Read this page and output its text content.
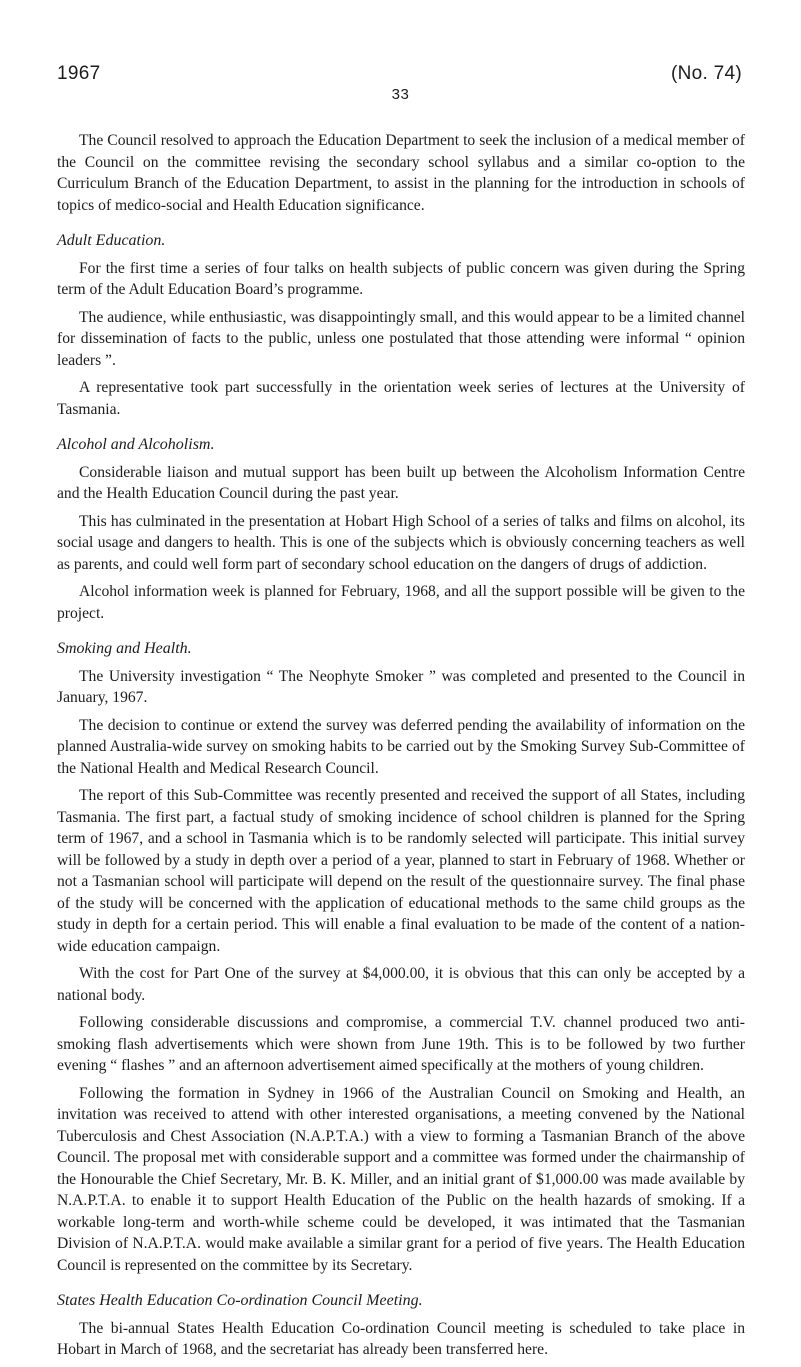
1967	(No. 74)
33

The Council resolved to approach the Education Department to seek the inclusion of a medical member of the Council on the committee revising the secondary school syllabus and a similar co-option to the Curriculum Branch of the Education Department, to assist in the planning for the introduction in schools of topics of medico-social and Health Education significance.

Adult Education.

For the first time a series of four talks on health subjects of public concern was given during the Spring term of the Adult Education Board’s programme.

The audience, while enthusiastic, was disappointingly small, and this would appear to be a limited channel for dissemination of facts to the public, unless one postulated that those attending were informal “ opinion leaders ”.

A representative took part successfully in the orientation week series of lectures at the University of Tasmania.

Alcohol and Alcoholism.

Considerable liaison and mutual support has been built up between the Alcoholism Information Centre and the Health Education Council during the past year.

This has culminated in the presentation at Hobart High School of a series of talks and films on alcohol, its social usage and dangers to health. This is one of the subjects which is obviously concerning teachers as well as parents, and could well form part of secondary school education on the dangers of drugs of addiction.

Alcohol information week is planned for February, 1968, and all the support possible will be given to the project.

Smoking and Health.

The University investigation “ The Neophyte Smoker ” was completed and presented to the Council in January, 1967.

The decision to continue or extend the survey was deferred pending the availability of information on the planned Australia-wide survey on smoking habits to be carried out by the Smoking Survey Sub-Committee of the National Health and Medical Research Council.

The report of this Sub-Committee was recently presented and received the support of all States, including Tasmania. The first part, a factual study of smoking incidence of school children is planned for the Spring term of 1967, and a school in Tasmania which is to be randomly selected will participate. This initial survey will be followed by a study in depth over a period of a year, planned to start in February of 1968. Whether or not a Tasmanian school will participate will depend on the result of the questionnaire survey. The final phase of the study will be concerned with the application of educational methods to the same child groups as the study in depth for a certain period. This will enable a final evaluation to be made of the content of a nation-wide education campaign.

With the cost for Part One of the survey at $4,000.00, it is obvious that this can only be accepted by a national body.

Following considerable discussions and compromise, a commercial T.V. channel produced two anti-smoking flash advertisements which were shown from June 19th. This is to be followed by two further evening “ flashes ” and an afternoon advertisement aimed specifically at the mothers of young children.

Following the formation in Sydney in 1966 of the Australian Council on Smoking and Health, an invitation was received to attend with other interested organisations, a meeting convened by the National Tuberculosis and Chest Association (N.A.P.T.A.) with a view to forming a Tasmanian Branch of the above Council. The proposal met with considerable support and a committee was formed under the chairmanship of the Honourable the Chief Secretary, Mr. B. K. Miller, and an initial grant of $1,000.00 was made available by N.A.P.T.A. to enable it to support Health Education of the Public on the health hazards of smoking. If a workable long-term and worth-while scheme could be developed, it was intimated that the Tasmanian Division of N.A.P.T.A. would make available a similar grant for a period of five years. The Health Education Council is represented on the committee by its Secretary.

States Health Education Co-ordination Council Meeting.

The bi-annual States Health Education Co-ordination Council meeting is scheduled to take place in Hobart in March of 1968, and the secretariat has already been transferred here.
